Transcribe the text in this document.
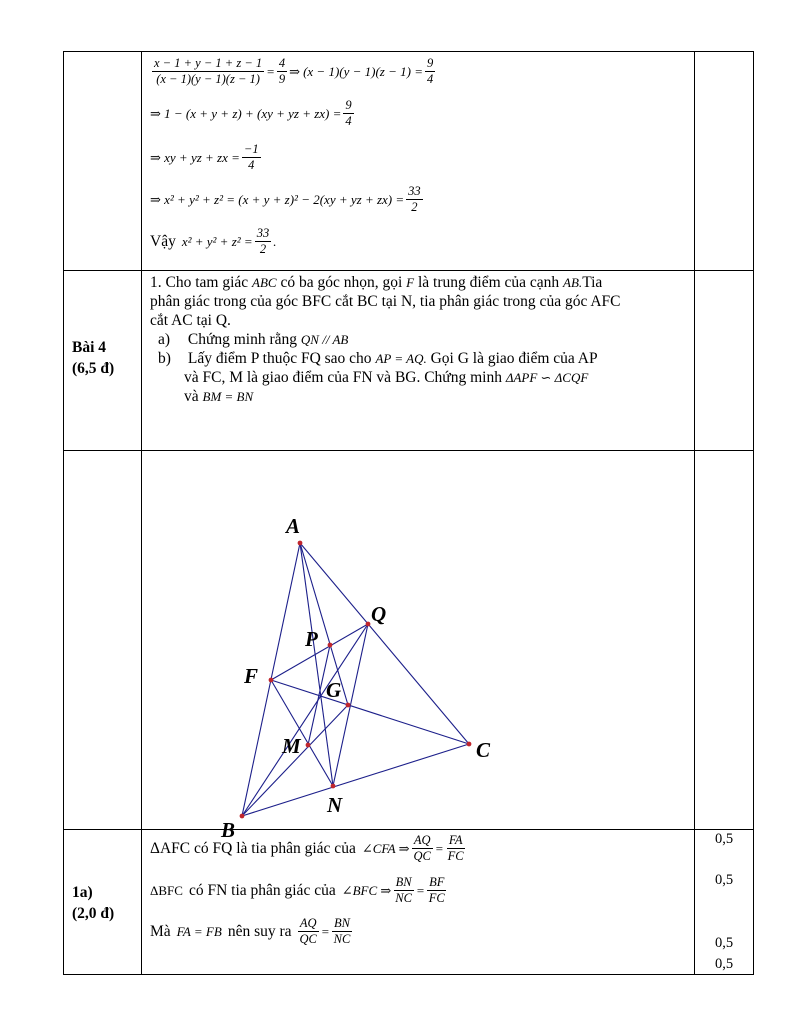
$\frac{x - 1 + y - 1 + z - 1}{(x - 1)(y - 1)(z - 1)} = \frac{4}{9}$ ⇒ $(x - 1)(y - 1)(z - 1) = \frac{9}{4}$
⇒ 1 − (x + y + z) + (xy + yz + $zx) = \frac{9}{4}$
⇒ xy + yz + zx = $\frac{-1}{4}$
⇒ x² + y² + z² = (x + y + z)² − 2(xy + yz + $zx) = \frac{33}{2}$
Vậy $x^2 + y^2 + z^2 = \frac{33}{2}$ .
Bài 4
(6,5 đ)
1. Cho tam giác ABC có ba góc nhọn, gọi F là trung điểm của cạnh AB.Tia
phân giác trong của góc BFC cắt BC tại N, tia phân giác trong của góc AFC
cắt AC tại Q.
a) Chứng minh rằng QN // AB
b) Lấy điểm P thuộc FQ sao cho AP = AQ. Gọi G là giao điểm của AP
và FC, M là giao điểm của FN và BG. Chứng minh ΔAPF ∽ ΔCQF
và BM = BN
A
Q
P
F
G
M	C
N
B
1a)
(2,0 đ)
ΔAFC có FQ là tia phân giác của ∠CFA ⇒ $\frac{AQ}{QC} = \frac{FA}{FC}$
ΔBFC có FN tia phân giác của ∠BFC ⇒ $\frac{BN}{NC} = \frac{BF}{FC}$
Mà FA = FB nên suy ra $\frac{AQ}{QC} = \frac{BN}{NC}$
0,5
0,5
0,5
0,5
